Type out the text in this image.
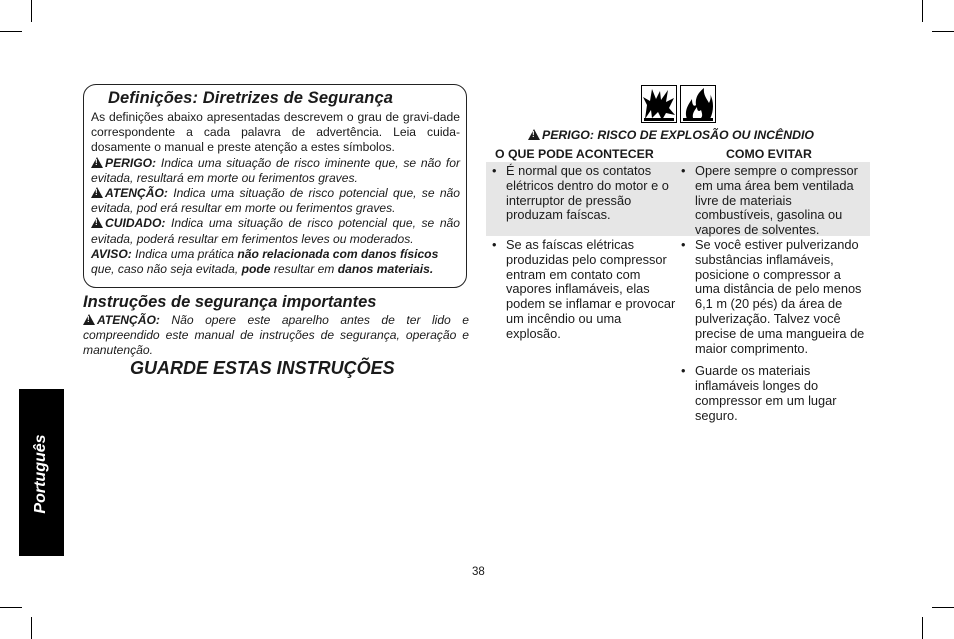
Definições: Diretrizes de Segurança

As definições abaixo apresentadas descrevem o grau de gravi-dade correspondente a cada palavra de advertência. Leia cuida-dosamente o manual e preste atenção a estes símbolos.

!PERIGO: Indica uma situação de risco iminente que, se não for evitada, resultará em morte ou ferimentos graves.

!ATENÇÃO: Indica uma situação de risco potencial que, se não evitada, pod erá resultar em morte ou ferimentos graves.

!CUIDADO: Indica uma situação de risco potencial que, se não evitada, poderá resultar em ferimentos leves ou moderados.

AVISO: Indica uma prática não relacionada com danos físicos que, caso não seja evitada, pode resultar em danos materiais.

Instruções de segurança importantes

!ATENÇÃO: Não opere este aparelho antes de ter lido e compreendido este manual de instruções de segurança, operação e manutenção.

GUARDE ESTAS INSTRUÇÕES

!PERIGO: RISCO DE EXPLOSÃO OU INCÊNDIO

O QUE PODE ACONTECER	COMO EVITAR
• É normal que os contatos elétricos dentro do motor e o interruptor de pressão produzam faíscas.
• Opere sempre o compressor em uma área bem ventilada livre de materiais combustíveis, gasolina ou vapores de solventes.
• Se as faíscas elétricas produzidas pelo compressor entram em contato com vapores inflamáveis, elas podem se inflamar e provocar um incêndio ou uma explosão.
• Se você estiver pulverizando substâncias inflamáveis, posicione o compressor a uma distância de pelo menos 6,1 m (20 pés) da área de pulverização. Talvez você precise de uma mangueira de maior comprimento.
• Guarde os materiais inflamáveis longes do compressor em um lugar seguro.
Português
38
